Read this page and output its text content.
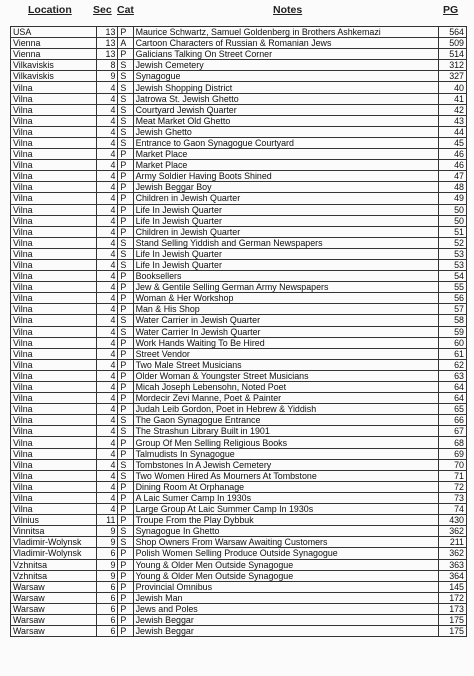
Location Sec Cat	Notes	PG
USA	13	P	Maurice Schwartz, Samuel Goldenberg in Brothers Ashkemazi	564
Vienna	13	A	Cartoon Characters of Russian & Romanian Jews	509
Vienna	13	P	Galicians Talking On Street Corner	514
Vilkaviskis	8	S	Jewish Cemetery	312
Vilkaviskis	9	S	Synagogue	327
Vilna	4	S	Jewish Shopping District	40
Vilna	4	S	Jatrowa St. Jewish Ghetto	41
Vilna	4	S	Courtyard Jewish Quarter	42
Vilna	4	S	Meat Market Old Ghetto	43
Vilna	4	S	Jewish Ghetto	44
Vilna	4	S	Entrance to Gaon Synagogue Courtyard	45
Vilna	4	P	Market Place	46
Vilna	4	P	Market Place	46
Vilna	4	P	Army Soldier Having Boots Shined	47
Vilna	4	P	Jewish Beggar Boy	48
Vilna	4	P	Children in Jewish Quarter	49
Vilna	4	P	Life In Jewish Quarter	50
Vilna	4	P	Life In Jewish Quarter	50
Vilna	4	P	Children in Jewish Quarter	51
Vilna	4	S	Stand Selling Yiddish and German Newspapers	52
Vilna	4	S	Life In Jewish Quarter	53
Vilna	4	S	Life In Jewish Quarter	53
Vilna	4	P	Booksellers	54
Vilna	4	P	Jew & Gentile Selling German Army Newspapers	55
Vilna	4	P	Woman & Her Workshop	56
Vilna	4	P	Man & His Shop	57
Vilna	4	S	Water Carrier in Jewish Quarter	58
Vilna	4	S	Water Carrier In Jewish Quarter	59
Vilna	4	P	Work Hands Waiting To Be Hired	60
Vilna	4	P	Street Vendor	61
Vilna	4	P	Two Male Street Musicians	62
Vilna	4	P	Older Woman & Youngster Street Musicians	63
Vilna	4	P	Micah Joseph Lebensohn, Noted Poet	64
Vilna	4	P	Mordecir Zevi Manne, Poet & Painter	64
Vilna	4	P	Judah Leib Gordon, Poet in Hebrew & Yiddish	65
Vilna	4	S	The Gaon Synagogue Entrance	66
Vilna	4	S	The Strashun Library Built in 1901	67
Vilna	4	P	Group Of Men Selling Religious Books	68
Vilna	4	P	Talmudists In Synagogue	69
Vilna	4	S	Tombstones In A Jewish Cemetery	70
Vilna	4	S	Two Women Hired As Mourners At Tombstone	71
Vilna	4	P	Dining Room At Orphanage	72
Vilna	4	P	A Laic Sumer Camp In 1930s	73
Vilna	4	P	Large Group At Laic Summer Camp In 1930s	74
Vilnius	11	P	Troupe From the Play Dybbuk	430
Vinnitsa	9	S	Synagogue In Ghetto	362
Vladimir-Wolynsk	9	S	Shop Owners From Warsaw Awaiting Customers	211
Vladimir-Wolynsk	6	P	Polish Women Selling Produce Outside Synagogue	362
Vzhnitsa	9	P	Young & Older Men Outside Synagogue	363
Vzhnitsa	9	P	Young & Older Men Outside Synagogue	364
Warsaw	6	P	Provincial Omnibus	145
Warsaw	6	P	Jewish Man	172
Warsaw	6	P	Jews and Poles	173
Warsaw	6	P	Jewish Beggar	175
Warsaw	6	P	Jewish Beggar	175
